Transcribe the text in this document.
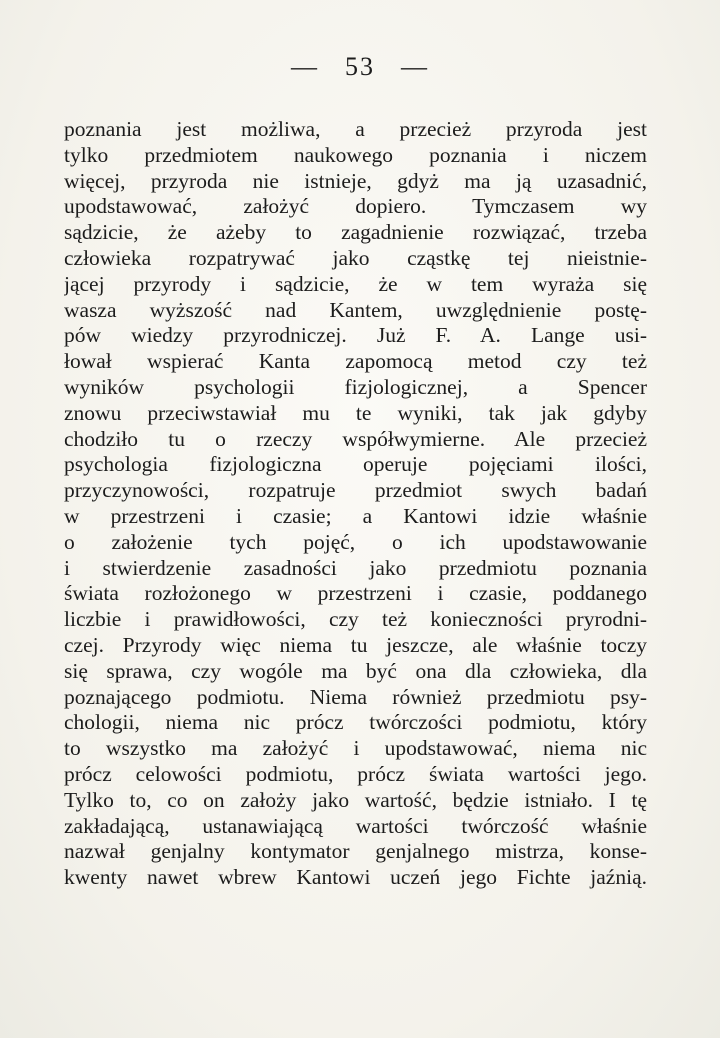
— 53 —
poznania jest możliwa, a przecież przyroda jest
tylko przedmiotem naukowego poznania i niczem
więcej, przyroda nie istnieje, gdyż ma ją uzasadnić,
upodstawować, założyć dopiero. Tymczasem wy
sądzicie, że ażeby to zagadnienie rozwiązać, trzeba
człowieka rozpatrywać jako cząstkę tej nieistnie-
jącej przyrody i sądzicie, że w tem wyraża się
wasza wyższość nad Kantem, uwzględnienie postę-
pów wiedzy przyrodniczej. Już F. A. Lange usi-
łował wspierać Kanta zapomocą metod czy też
wyników psychologii fizjologicznej, a Spencer
znowu przeciwstawiał mu te wyniki, tak jak gdyby
chodziło tu o rzeczy współwymierne. Ale przecież
psychologia fizjologiczna operuje pojęciami ilości,
przyczynowości, rozpatruje przedmiot swych badań
w przestrzeni i czasie; a Kantowi idzie właśnie
o założenie tych pojęć, o ich upodstawowanie
i stwierdzenie zasadności jako przedmiotu poznania
świata rozłożonego w przestrzeni i czasie, poddanego
liczbie i prawidłowości, czy też konieczności pryrodni-
czej. Przyrody więc niema tu jeszcze, ale właśnie toczy
się sprawa, czy wogóle ma być ona dla człowieka, dla
poznającego podmiotu. Niema również przedmiotu psy-
chologii, niema nic prócz twórczości podmiotu, który
to wszystko ma założyć i upodstawować, niema nic
prócz celowości podmiotu, prócz świata wartości jego.
Tylko to, co on założy jako wartość, będzie istniało. I tę
zakładającą, ustanawiającą wartości twórczość właśnie
nazwał genjalny kontymator genjalnego mistrza, konse-
kwenty nawet wbrew Kantowi uczeń jego Fichte jaźnią.
